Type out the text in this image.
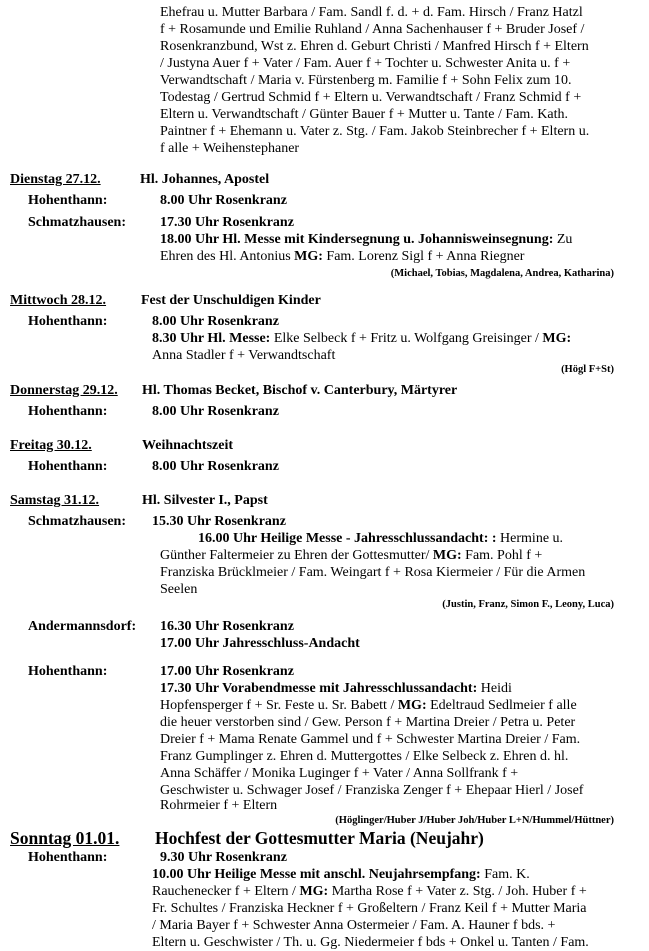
Ehefrau u. Mutter Barbara / Fam. Sandl f. d. + d. Fam. Hirsch / Franz Hatzl
f + Rosamunde und Emilie Ruhland / Anna Sachenhauser f + Bruder Josef /
Rosenkranzbund, Wst z. Ehren d. Geburt Christi / Manfred Hirsch f + Eltern
/ Justyna Auer f + Vater / Fam. Auer f + Tochter u. Schwester Anita u. f +
Verwandtschaft / Maria v. Fürstenberg m. Familie f + Sohn Felix zum 10.
Todestag / Gertrud Schmid f + Eltern u. Verwandtschaft / Franz Schmid f +
Eltern u. Verwandtschaft / Günter Bauer f + Mutter u. Tante / Fam. Kath.
Paintner f + Ehemann u. Vater z. Stg. / Fam. Jakob Steinbrecher f + Eltern u.
f alle + Weihenstephaner
Dienstag 27.12.	Hl. Johannes, Apostel
Hohenthann:	8.00 Uhr Rosenkranz
Schmatzhausen: 17.30 Uhr Rosenkranz
18.00 Uhr Hl. Messe mit Kindersegnung u. Johannisweinsegnung: Zu
Ehren des Hl. Antonius MG: Fam. Lorenz Sigl f + Anna Riegner
(Michael, Tobias, Magdalena, Andrea, Katharina)
Mittwoch 28.12. Fest der Unschuldigen Kinder
Hohenthann:	8.00 Uhr Rosenkranz
8.30 Uhr Hl. Messe: Elke Selbeck f + Fritz u. Wolfgang Greisinger / MG:
Anna Stadler f + Verwandtschaft
(Högl F+St)
Donnerstag 29.12. Hl. Thomas Becket, Bischof v. Canterbury, Märtyrer
Hohenthann:	8.00 Uhr Rosenkranz
Freitag 30.12.	Weihnachtszeit
Hohenthann:	8.00 Uhr Rosenkranz
Samstag 31.12.	Hl. Silvester I., Papst
Schmatzhausen: 15.30 Uhr Rosenkranz
16.00 Uhr Heilige Messe - Jahresschlussandacht: : Hermine u.
Günther Faltermeier zu Ehren der Gottesmutter/ MG: Fam. Pohl f +
Franziska Brücklmeier / Fam. Weingart f + Rosa Kiermeier / Für die Armen
Seelen
(Justin, Franz, Simon F., Leony, Luca)
Andermannsdorf: 16.30 Uhr Rosenkranz
17.00 Uhr Jahresschluss-Andacht
Hohenthann:	17.00 Uhr Rosenkranz
17.30 Uhr Vorabendmesse mit Jahresschlussandacht: Heidi
Hopfensperger f + Sr. Feste u. Sr. Babett / MG: Edeltraud Sedlmeier f alle
die heuer verstorben sind / Gew. Person f + Martina Dreier / Petra u. Peter
Dreier f + Mama Renate Gammel und f + Schwester Martina Dreier / Fam.
Franz Gumplinger z. Ehren d. Muttergottes / Elke Selbeck z. Ehren d. hl.
Anna Schäffer / Monika Luginger f + Vater / Anna Sollfrank f +
Geschwister u. Schwager Josef / Franziska Zenger f + Ehepaar Hierl / Josef
Rohrmeier f + Eltern
(Höglinger/Huber J/Huber Joh/Huber L+N/Hummel/Hüttner)
Sonntag 01.01. Hochfest der Gottesmutter Maria (Neujahr)
Hohenthann:	9.30 Uhr Rosenkranz
10.00 Uhr Heilige Messe mit anschl. Neujahrsempfang: Fam. K.
Rauchenecker f + Eltern / MG: Martha Rose f + Vater z. Stg. / Joh. Huber f +
Fr. Schultes / Franziska Heckner f + Großeltern / Franz Keil f + Mutter Maria
/ Maria Bayer f + Schwester Anna Ostermeier / Fam. A. Hauner f bds. +
Eltern u. Geschwister / Th. u. Gg. Niedermeier f bds + Onkel u. Tanten / Fam.
